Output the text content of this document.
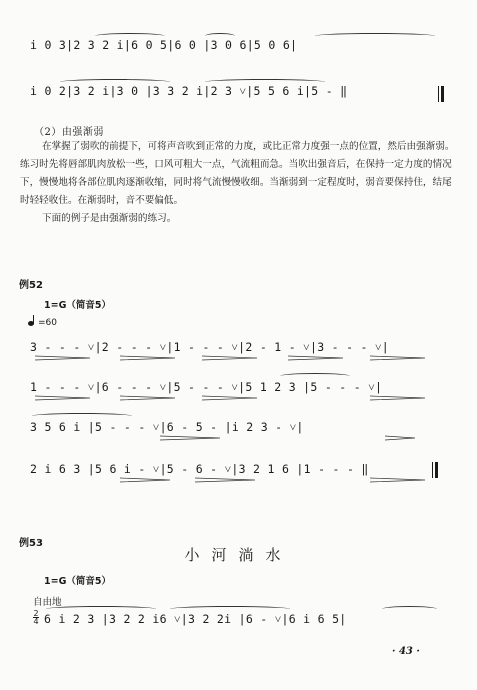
i 0 3|2 3 2 i|6 0 5|6 0 |3 0 6|5 0 6|
i 0 2|3 2 i|3 0 |3 3 2 i|2 3 ˅|5 5 6 i|5 - ‖
（2）由强渐弱
在掌握了弱吹的前提下，可将声音吹到正常的力度，或比正常力度强一点的位置，然后由强渐弱。练习时先将唇部肌肉放松一些，口风可粗大一点，气流粗而急。当吹出强音后，在保持一定力度的情况下，慢慢地将各部位肌肉逐渐收缩，同时将气流慢慢收细。当渐弱到一定程度时，弱音要保持住，结尾时轻轻收住。在渐弱时，音不要偏低。
下面的例子是由强渐弱的练习。
例52
1=G（简音5）
=60
3 - - - ˅|2 - - - ˅|1 - - - ˅|2 - 1 - ˅|3 - - - ˅|
1 - - - ˅|6 - - - ˅|5 - - - ˅|5 1 2 3 |5 - - - ˅|
3 5 6 i |5 - - - ˅|6 - 5 - |i 2 3 - ˅|
2 i 6 3 |5 6 i - ˅|5 - 6 - ˅|3 2 1 6 |1 - - - ‖
例53
小河淌水
1=G（简音5）
自由地
2
4 6 i 2 3 |3 2 2 i6 ˅|3 2 2i |6 - ˅|6 i 6 5|
· 43 ·
